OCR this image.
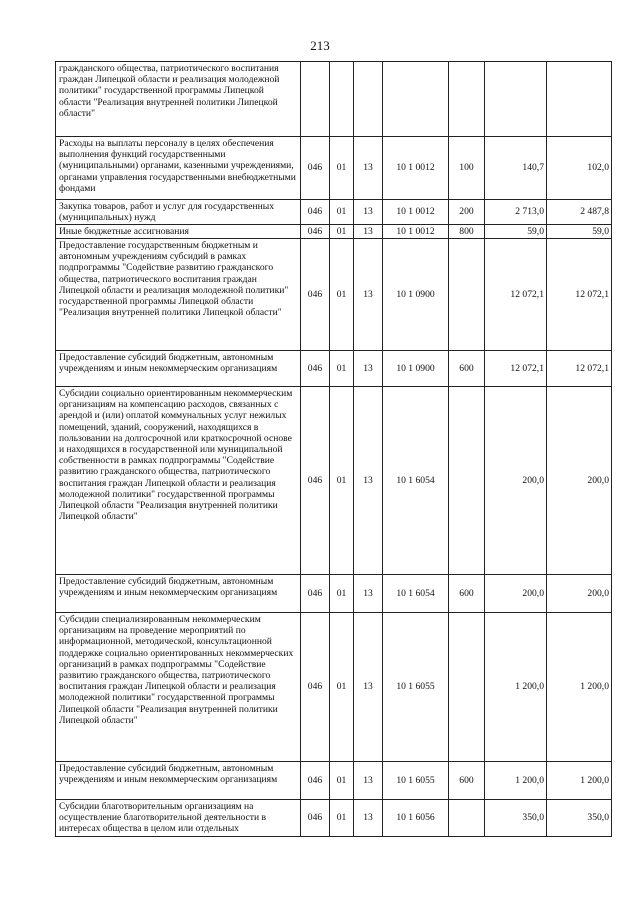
213
гражданского общества, патриотического воспитания граждан Липецкой области и реализация молодежной политики" государственной программы Липецкой области "Реализация внутренней политики Липецкой области"							
Расходы на выплаты персоналу в целях обеспечения выполнения функций государственными (муниципальными) органами, казенными учреждениями, органами управления государственными внебюджетными фондами	046	01	13	10 1 0012	100	140,7	102,0
Закупка товаров, работ и услуг для государственных (муниципальных) нужд	046	01	13	10 1 0012	200	2 713,0	2 487,8
Иные бюджетные ассигнования	046	01	13	10 1 0012	800	59,0	59,0
Предоставление государственным бюджетным и автономным учреждениям субсидий в рамках подпрограммы "Содействие развитию гражданского общества, патриотического воспитания граждан Липецкой области и реализация молодежной политики" государственной программы Липецкой области "Реализация внутренней политики Липецкой области"	046	01	13	10 1 0900		12 072,1	12 072,1
Предоставление субсидий бюджетным, автономным учреждениям и иным некоммерческим организациям	046	01	13	10 1 0900	600	12 072,1	12 072,1
Субсидии социально ориентированным некоммерческим организациям на компенсацию расходов, связанных с арендой и (или) оплатой коммунальных услуг нежилых помещений, зданий, сооружений, находящихся в пользовании на долгосрочной или краткосрочной основе и находящихся в государственной или муниципальной собственности в рамках подпрограммы "Содействие развитию гражданского общества, патриотического воспитания граждан Липецкой области и реализация молодежной политики" государственной программы Липецкой области "Реализация внутренней политики Липецкой области"	046	01	13	10 1 6054		200,0	200,0
Предоставление субсидий бюджетным, автономным учреждениям и иным некоммерческим организациям	046	01	13	10 1 6054	600	200,0	200,0
Субсидии специализированным некоммерческим организациям на проведение мероприятий по информационной, методической, консультационной поддержке социально ориентированных некоммерческих организаций в рамках подпрограммы "Содействие развитию гражданского общества, патриотического воспитания граждан Липецкой области и реализация молодежной политики" государственной программы Липецкой области "Реализация внутренней политики Липецкой области"	046	01	13	10 1 6055		1 200,0	1 200,0
Предоставление субсидий бюджетным, автономным учреждениям и иным некоммерческим организациям	046	01	13	10 1 6055	600	1 200,0	1 200,0
Субсидии благотворительным организациям на осуществление благотворительной деятельности в интересах общества в целом или отдельных	046	01	13	10 1 6056		350,0	350,0
